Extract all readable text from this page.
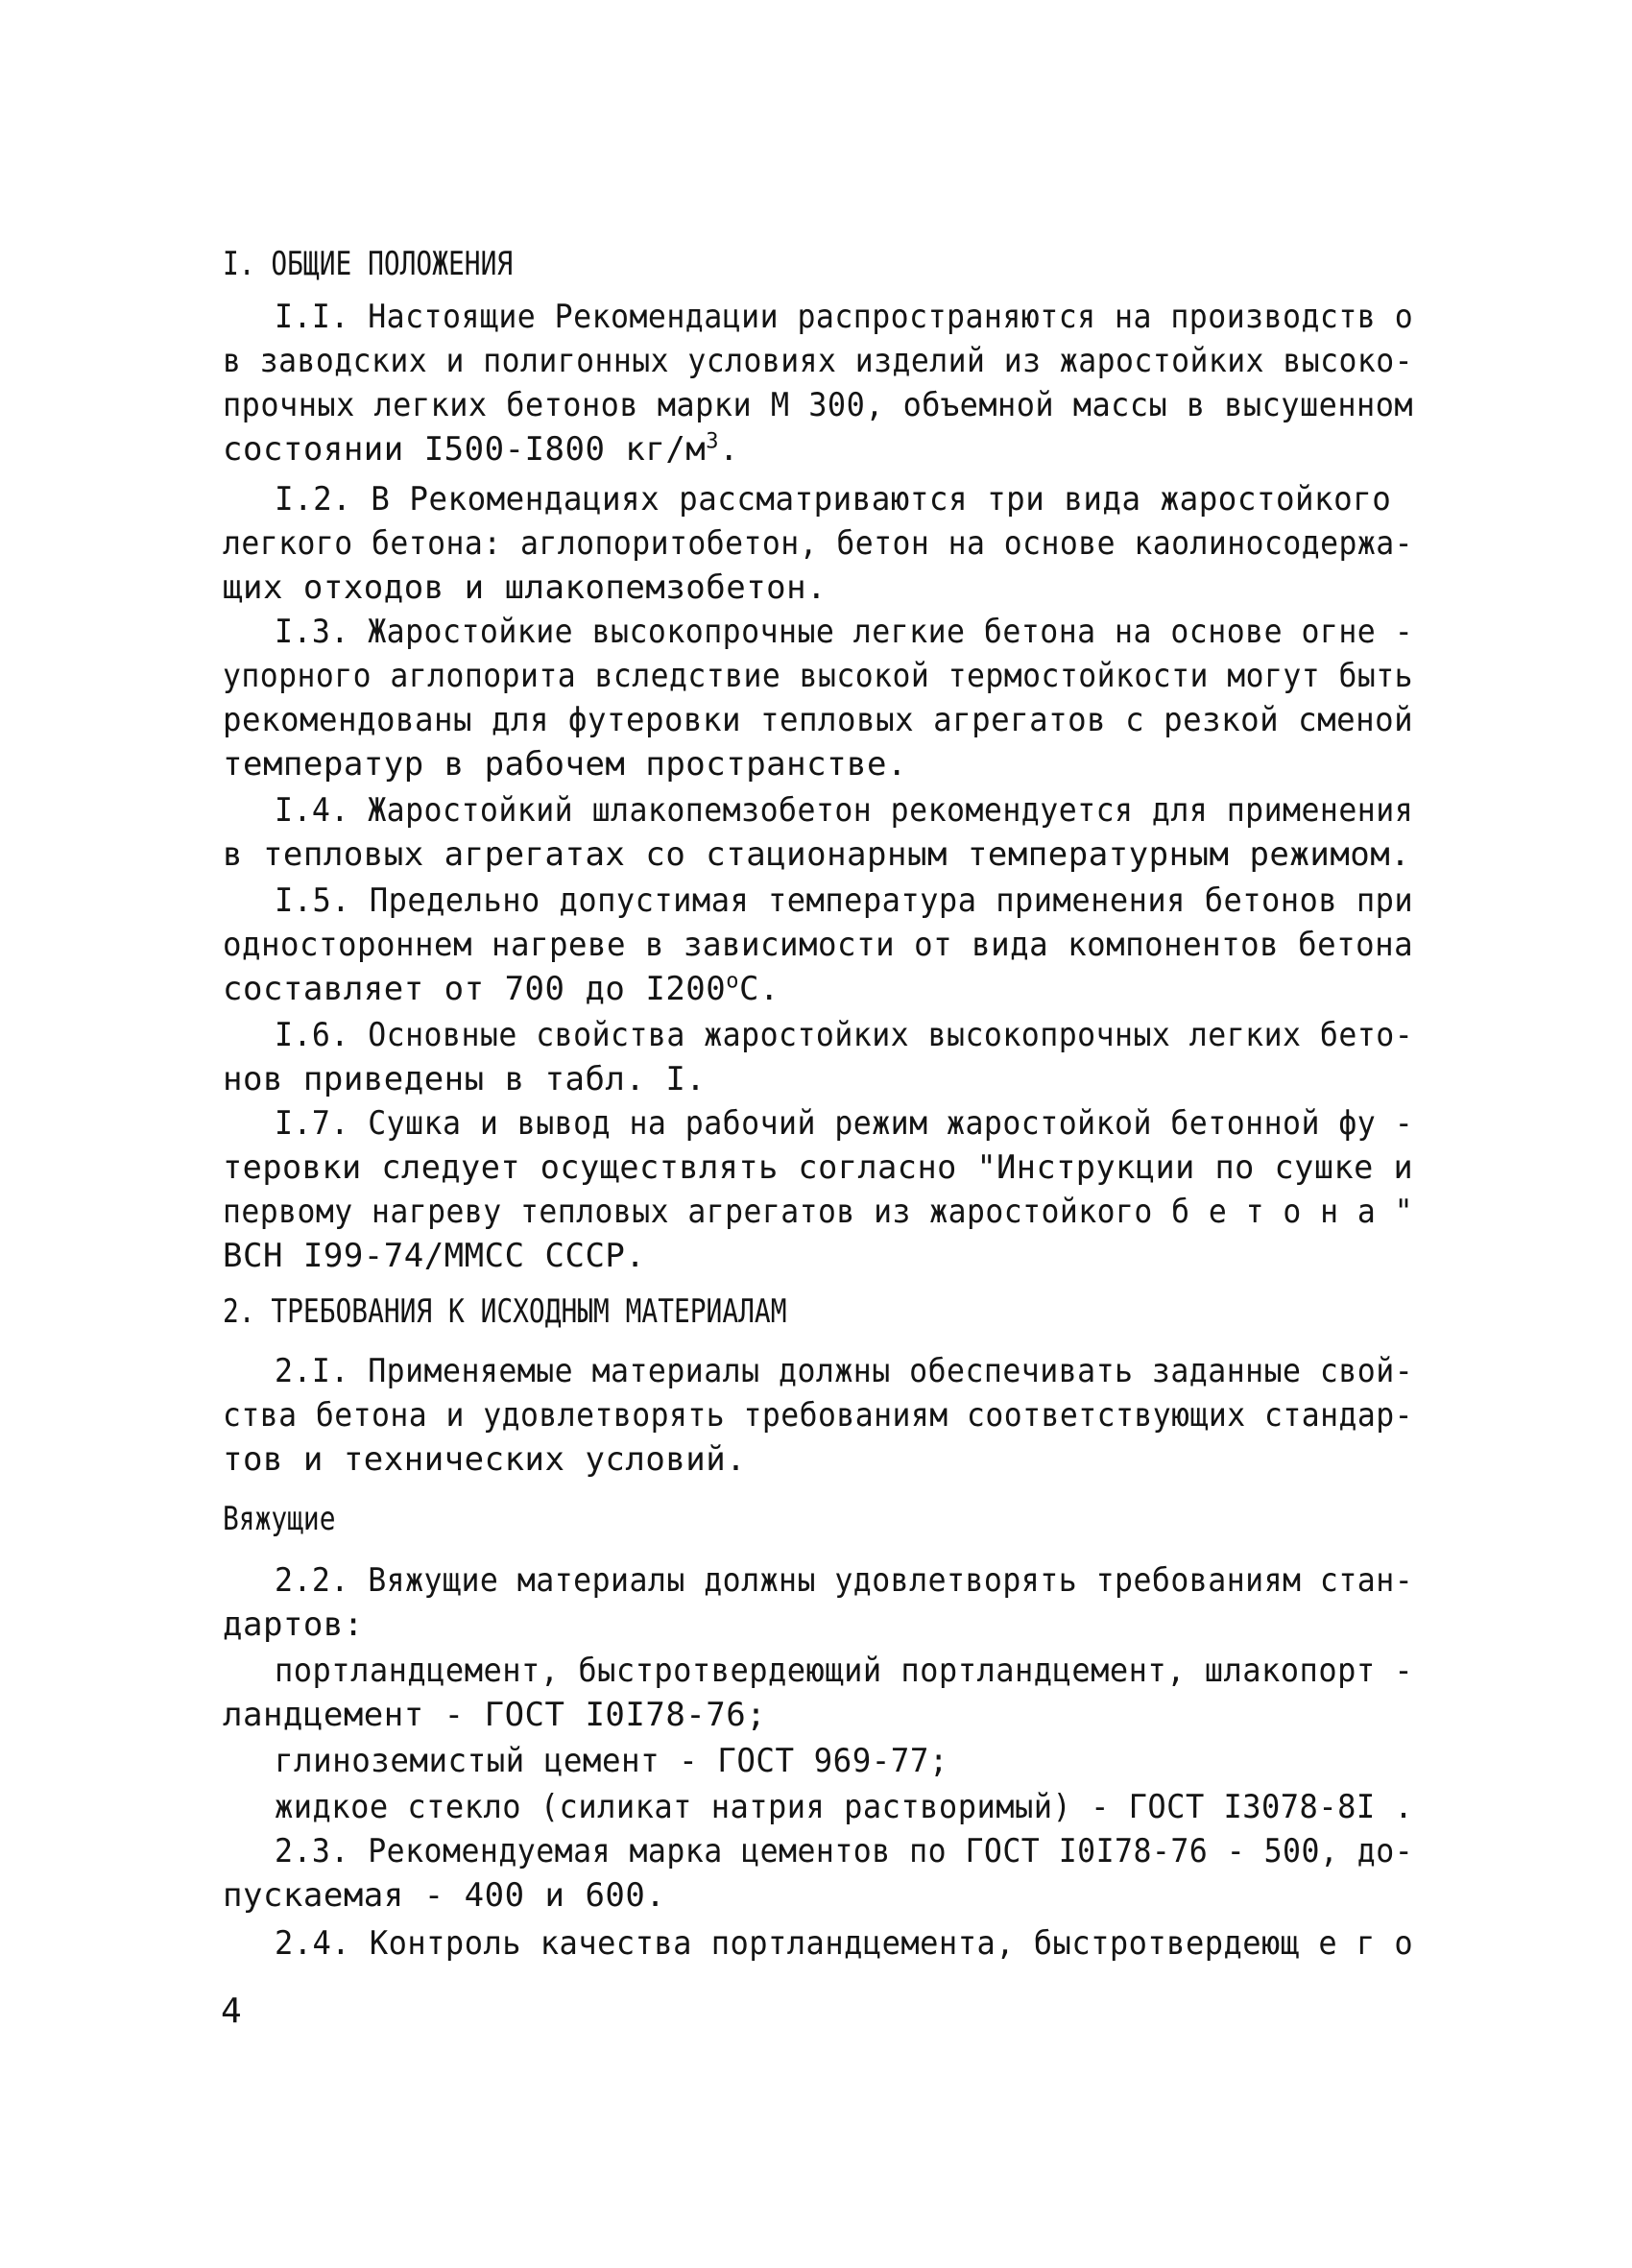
I. ОБЩИЕ ПОЛОЖЕНИЯ
I.I. Настоящие Рекомендации распространяются на производств о
в заводских и полигонных условиях изделий из жаростойких высоко-
прочных легких бетонов марки М 300, объемной массы в высушенном
состоянии I500-I800 $кг/м^3$.
I.2. В Рекомендациях рассматриваются три вида жаростойкого
легкого бетона: аглопоритобетон, бетон на основе каолиносодержа-
щих отходов и шлакопемзобетон.
I.3. Жаростойкие высокопрочные легкие бетона на основе огне -
упорного аглопорита вследствие высокой термостойкости могут быть
рекомендованы для футеровки тепловых агрегатов с резкой сменой
температур в рабочем пространстве.
I.4. Жаростойкий шлакопемзобетон рекомендуется для применения
в тепловых агрегатах со стационарным температурным режимом.
I.5. Предельно допустимая температура применения бетонов при
одностороннем нагреве в зависимости от вида компонентов бетона
составляет от 700 до $I200^оС$.
I.6. Основные свойства жаростойких высокопрочных легких бето-
нов приведены в табл. I.
I.7. Сушка и вывод на рабочий режим жаростойкой бетонной фу -
теровки следует осуществлять согласно "Инструкции по сушке и
первому нагреву тепловых агрегатов из жаростойкого б е т о н а "
ВСН I99-74/ММСС СССР.
2. ТРЕБОВАНИЯ К ИСХОДНЫМ МАТЕРИАЛАМ
2.I. Применяемые материалы должны обеспечивать заданные свой-
ства бетона и удовлетворять требованиям соответствующих стандар-
тов и технических условий.
Вяжущие
2.2. Вяжущие материалы должны удовлетворять требованиям стан-
дартов:
портландцемент, быстротвердеющий портландцемент, шлакопорт -
ландцемент - ГОСТ I0I78-76;
глиноземистый цемент - ГОСТ 969-77;
жидкое стекло (силикат натрия растворимый) - ГОСТ I3078-8I .
2.3. Рекомендуемая марка цементов по ГОСТ I0I78-76 - 500, до-
пускаемая - 400 и 600.
2.4. Контроль качества портландцемента, быстротвердеющ е г о
4
